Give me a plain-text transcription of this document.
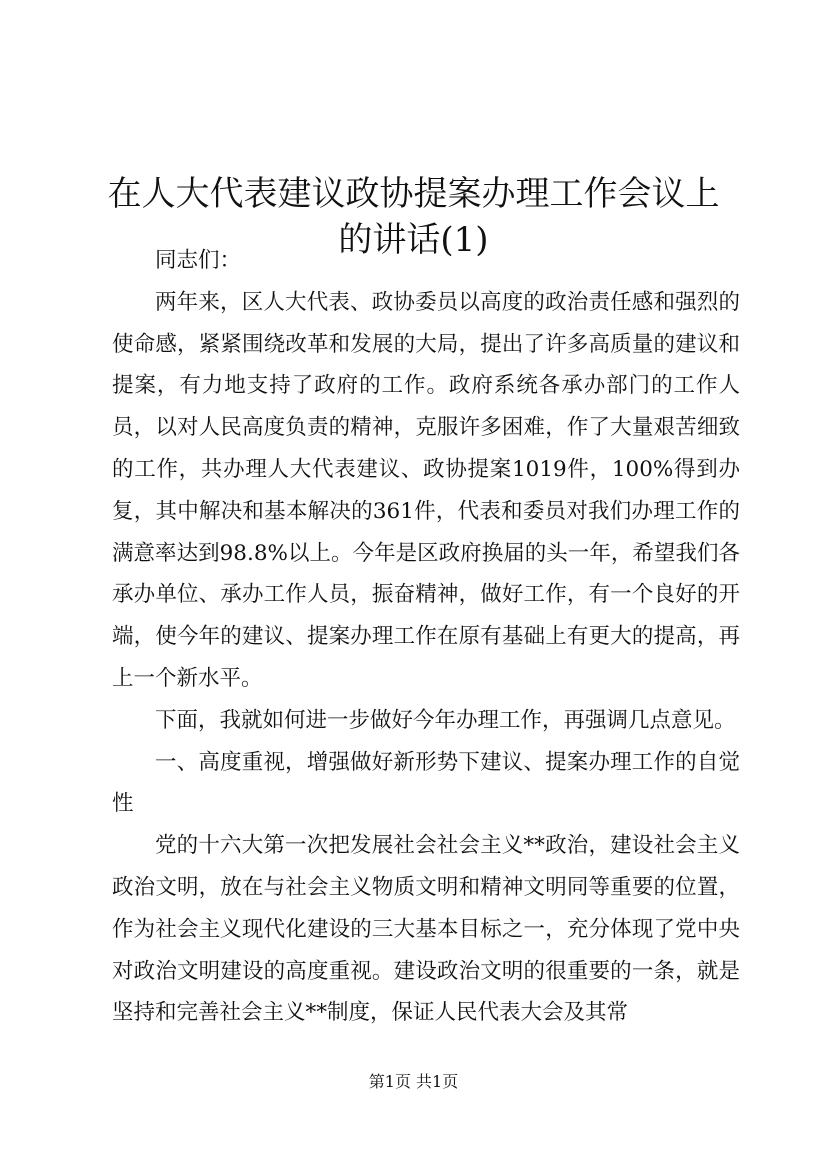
在人大代表建议政协提案办理工作会议上的讲话(1)

同志们：

两年来，区人大代表、政协委员以高度的政治责任感和强烈的使命感，紧紧围绕改革和发展的大局，提出了许多高质量的建议和提案，有力地支持了政府的工作。政府系统各承办部门的工作人员，以对人民高度负责的精神，克服许多困难，作了大量艰苦细致的工作，共办理人大代表建议、政协提案1019件，100%得到办复，其中解决和基本解决的361件，代表和委员对我们办理工作的满意率达到98.8%以上。今年是区政府换届的头一年，希望我们各承办单位、承办工作人员，振奋精神，做好工作，有一个良好的开端，使今年的建议、提案办理工作在原有基础上有更大的提高，再上一个新水平。

下面，我就如何进一步做好今年办理工作，再强调几点意见。

一、高度重视，增强做好新形势下建议、提案办理工作的自觉性

党的十六大第一次把发展社会社会主义**政治，建设社会主义政治文明，放在与社会主义物质文明和精神文明同等重要的位置，作为社会主义现代化建设的三大基本目标之一，充分体现了党中央对政治文明建设的高度重视。建设政治文明的很重要的一条，就是坚持和完善社会主义**制度，保证人民代表大会及其常

第1页 共1页
